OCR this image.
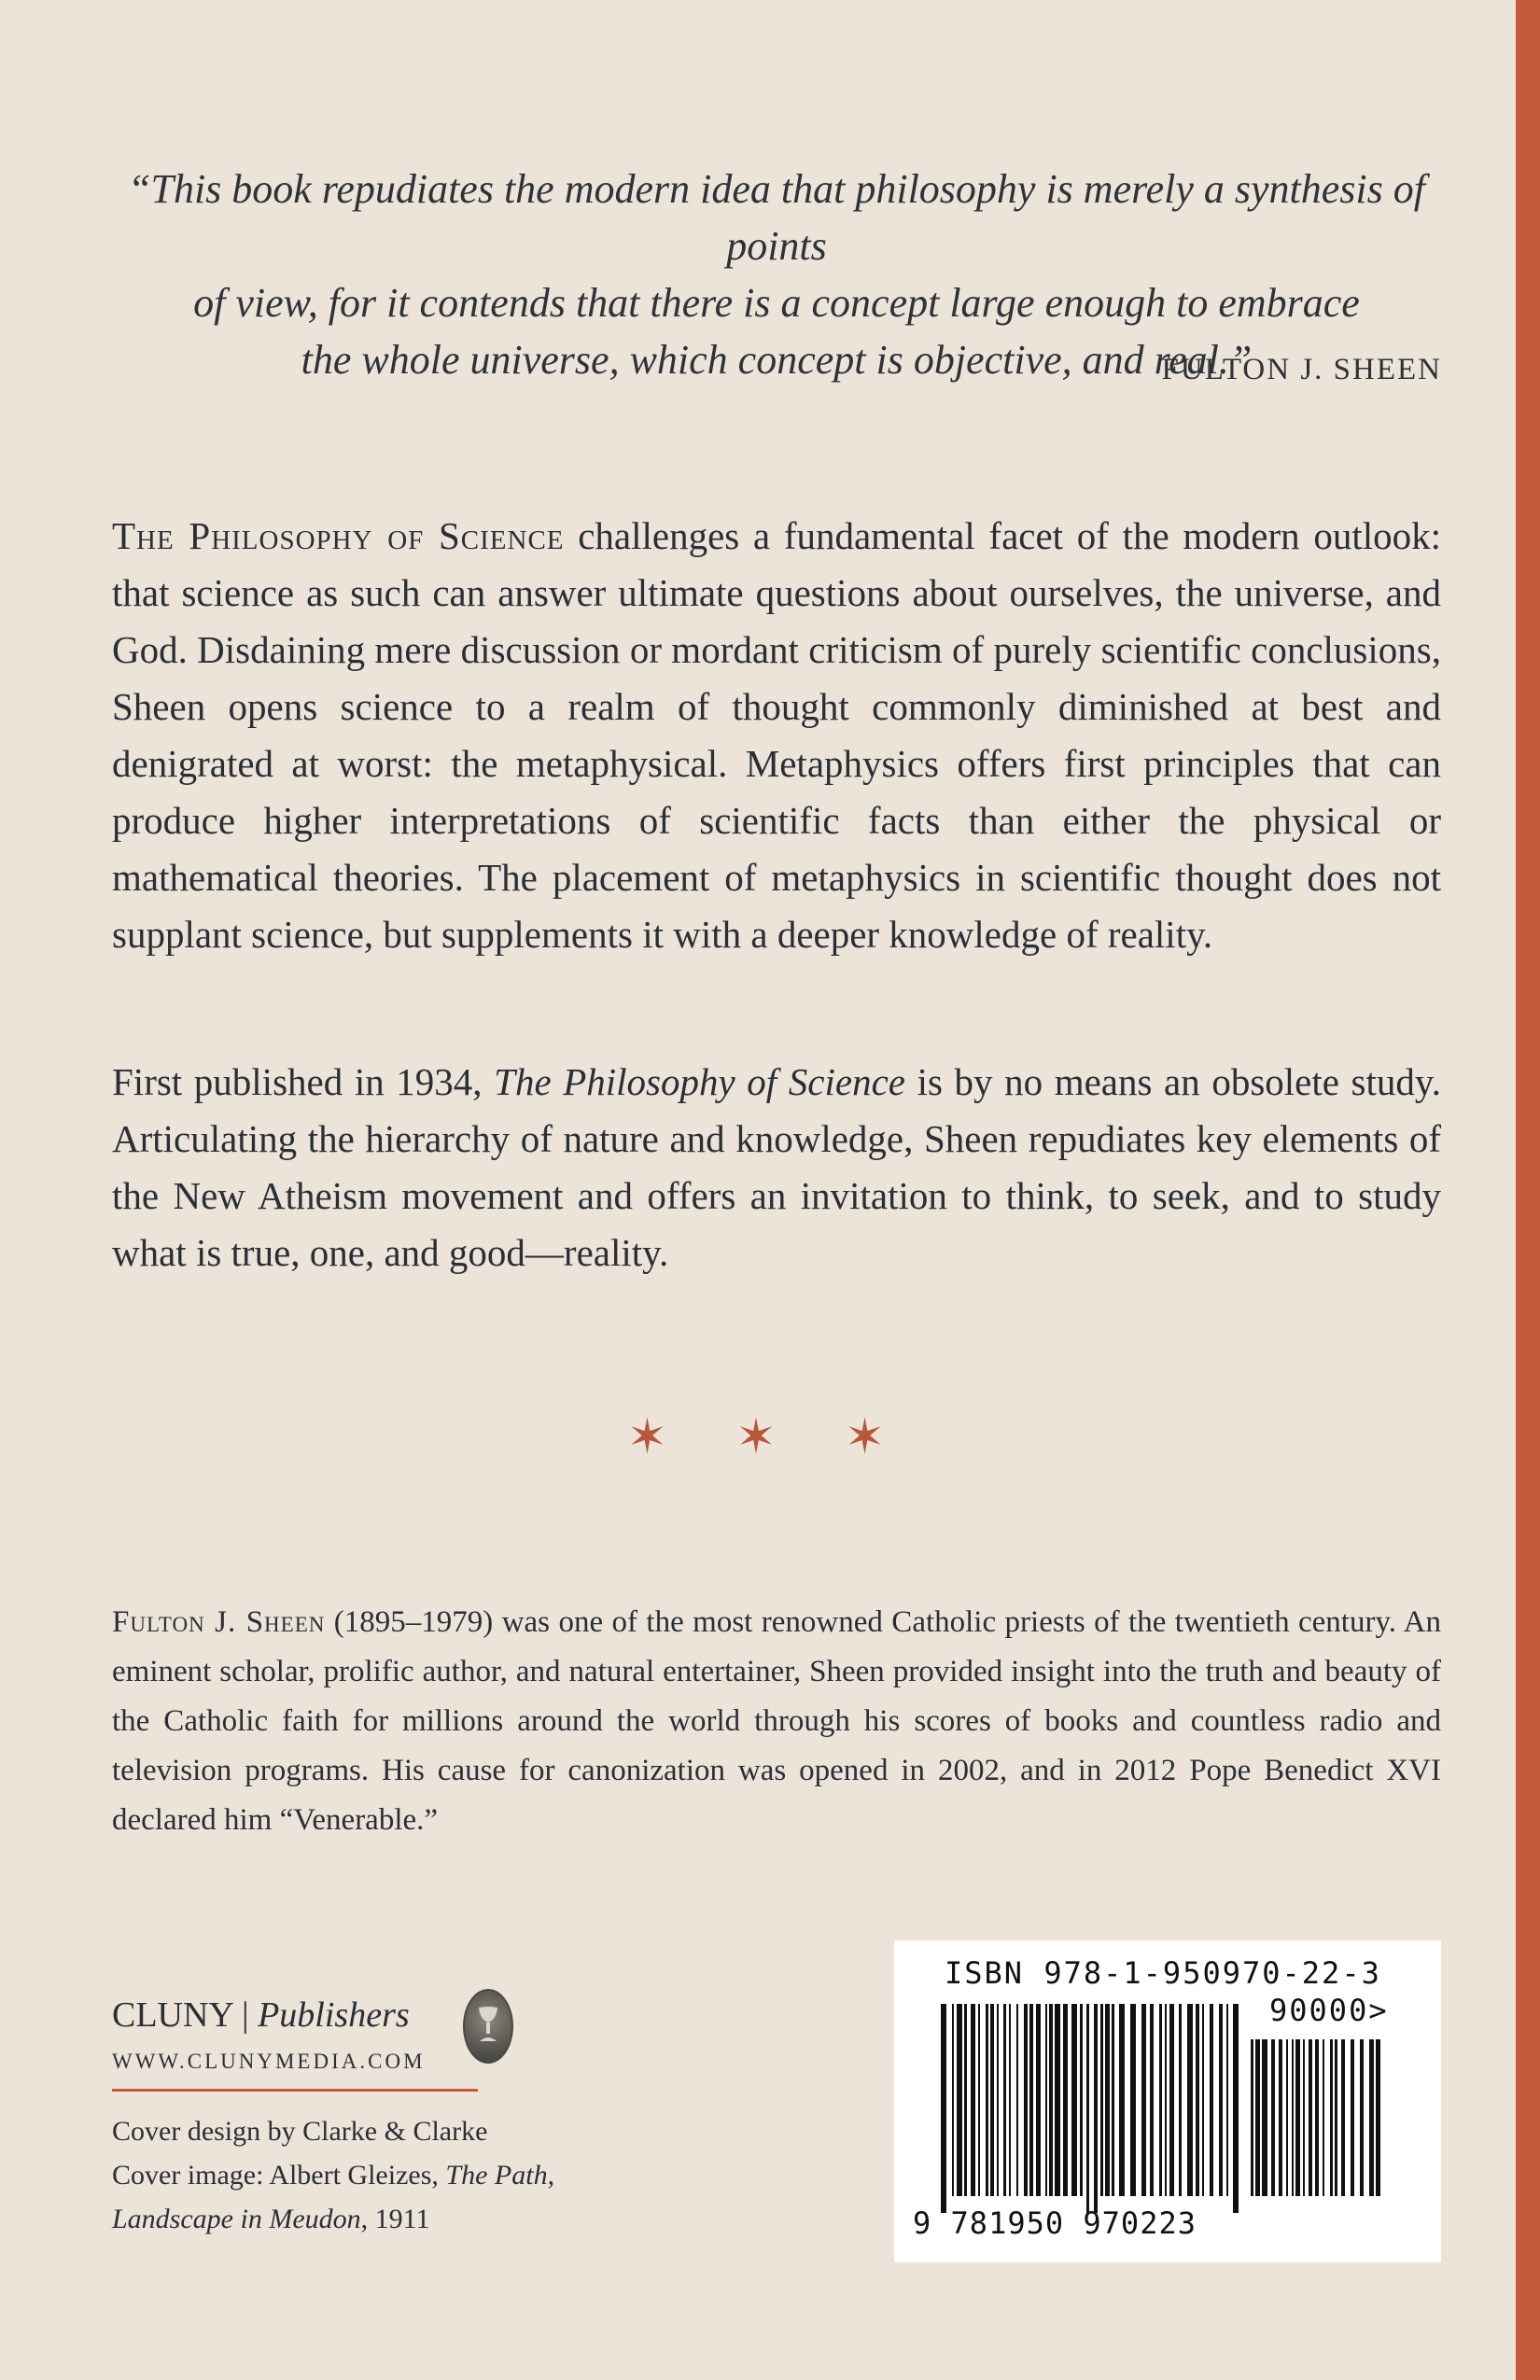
“This book repudiates the modern idea that philosophy is merely a synthesis of points
of view, for it contends that there is a concept large enough to embrace
the whole universe, which concept is objective, and real.”
FULTON J. SHEEN
The Philosophy of Science challenges a fundamental facet of the modern outlook: that science as such can answer ultimate questions about ourselves, the universe, and God. Disdaining mere discussion or mordant criticism of purely scientific conclusions, Sheen opens science to a realm of thought commonly diminished at best and denigrated at worst: the metaphysical. Metaphysics offers first principles that can produce higher interpretations of scientific facts than either the physical or mathematical theories. The placement of metaphysics in scientific thought does not supplant science, but supplements it with a deeper knowledge of reality.
First published in 1934, The Philosophy of Science is by no means an obsolete study. Articulating the hierarchy of nature and knowledge, Sheen repudiates key elements of the New Atheism movement and offers an invitation to think, to seek, and to study what is true, one, and good—reality.
✶ ✶ ✶
Fulton J. Sheen (1895–1979) was one of the most renowned Catholic priests of the twentieth century. An eminent scholar, prolific author, and natural entertainer, Sheen provided insight into the truth and beauty of the Catholic faith for millions around the world through his scores of books and countless radio and television programs. His cause for canonization was opened in 2002, and in 2012 Pope Benedict XVI declared him “Venerable.”
CLUNY | Publishers
WWW.CLUNYMEDIA.COM
Cover design by Clarke & Clarke
Cover image: Albert Gleizes, The Path,
Landscape in Meudon, 1911
ISBN 978-1-950970-22-3
90000>
9 781950 970223
